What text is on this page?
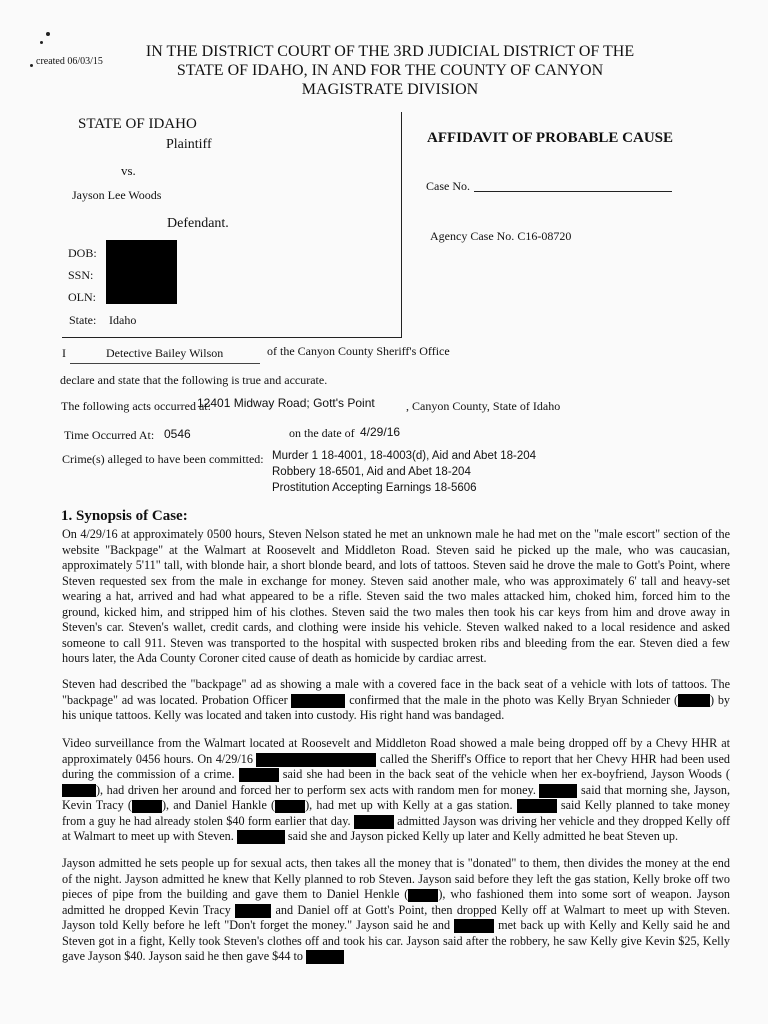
created 06/03/15
IN THE DISTRICT COURT OF THE 3RD JUDICIAL DISTRICT OF THE
STATE OF IDAHO, IN AND FOR THE COUNTY OF CANYON
MAGISTRATE DIVISION
STATE OF IDAHO
Plaintiff
vs.
Jayson Lee Woods
Defendant.
DOB:
SSN:
OLN:
State: Idaho
AFFIDAVIT OF PROBABLE CAUSE
Case No.
Agency Case No. C16-08720
I	Detective Bailey Wilson	of the Canyon County Sheriff's Office
declare and state that the following is true and accurate.
The following acts occurred at:
12401 Midway Road; Gott's Point	, Canyon County, State of Idaho
Time Occurred At: 0546	on the date of 4/29/16
Crime(s) alleged to have been committed: Murder 1 18-4001, 18-4003(d), Aid and Abet 18-204
Robbery 18-6501, Aid and Abet 18-204
Prostitution Accepting Earnings 18-5606
1. Synopsis of Case:
On 4/29/16 at approximately 0500 hours, Steven Nelson stated he met an unknown male he had met on the "male escort" section of the website "Backpage" at the Walmart at Roosevelt and Middleton Road. Steven said he picked up the male, who was caucasian, approximately 5'11" tall, with blonde hair, a short blonde beard, and lots of tattoos. Steven said he drove the male to Gott's Point, where Steven requested sex from the male in exchange for money. Steven said another male, who was approximately 6' tall and heavy-set wearing a hat, arrived and had what appeared to be a rifle. Steven said the two males attacked him, choked him, forced him to the ground, kicked him, and stripped him of his clothes. Steven said the two males then took his car keys from him and drove away in Steven's car. Steven's wallet, credit cards, and clothing were inside his vehicle. Steven walked naked to a local residence and asked someone to call 911. Steven was transported to the hospital with suspected broken ribs and bleeding from the ear. Steven died a few hours later, the Ada County Coroner cited cause of death as homicide by cardiac arrest.
Steven had described the "backpage" ad as showing a male with a covered face in the back seat of a vehicle with lots of tattoos. The "backpage" ad was located. Probation Officer	confirmed that the male in the photo was Kelly Bryan Schnieder (	) by his unique tattoos. Kelly was located and taken into custody. His right hand was bandaged.
Video surveillance from the Walmart located at Roosevelt and Middleton Road showed a male being dropped off by a Chevy HHR at approximately 0456 hours. On 4/29/16	called the Sheriff's Office to report that her Chevy HHR had been used during the commission of a crime.	said she had been in the back seat of the vehicle when her ex-boyfriend, Jayson Woods (), had driven her around and forced her to perform sex acts with random men for money.	said that morning she, Jayson, Kevin Tracy ( ), and Daniel Hankle ( ), had met up with Kelly at a gas station.	said Kelly planned to take money from a guy he had already stolen $40 form earlier that day.	admitted Jayson was driving her vehicle and they dropped Kelly off at Walmart to meet up with Steven.	said she and Jayson picked Kelly up later and Kelly admitted he beat Steven up.
Jayson admitted he sets people up for sexual acts, then takes all the money that is "donated" to them, then divides the money at the end of the night. Jayson admitted he knew that Kelly planned to rob Steven. Jayson said before they left the gas station, Kelly broke off two pieces of pipe from the building and gave them to Daniel Henkle ( ), who fashioned them into some sort of weapon. Jayson admitted he dropped Kevin Tracy	and Daniel off at Gott's Point, then dropped Kelly off at Walmart to meet up with Steven. Jayson told Kelly before he left "Don't forget the money." Jayson said he and	met back up with Kelly and Kelly said he and Steven got in a fight, Kelly took Steven's clothes off and took his car. Jayson said after the robbery, he saw Kelly give Kevin $25, Kelly gave Jayson $40. Jayson said he then gave $44 to
